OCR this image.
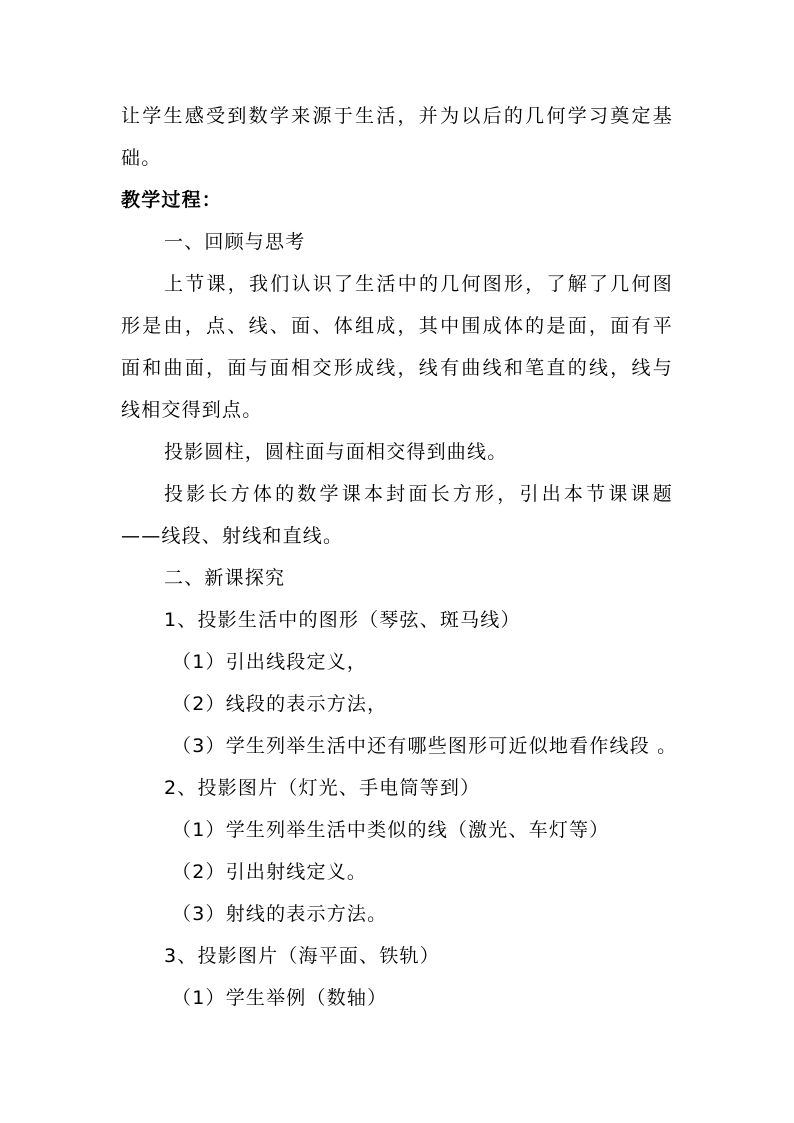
让学生感受到数学来源于生活，并为以后的几何学习奠定基
础。
教学过程：
一、回顾与思考
上节课，我们认识了生活中的几何图形，了解了几何图
形是由，点、线、面、体组成，其中围成体的是面，面有平
面和曲面，面与面相交形成线，线有曲线和笔直的线，线与
线相交得到点。
投影圆柱，圆柱面与面相交得到曲线。
投影长方体的数学课本封面长方形，引出本节课课题
——线段、射线和直线。
二、新课探究
1、投影生活中的图形（琴弦、斑马线）
（1）引出线段定义，
（2）线段的表示方法，
（3）学生列举生活中还有哪些图形可近似地看作线段 。
2、投影图片（灯光、手电筒等到）
（1）学生列举生活中类似的线（激光、车灯等）
（2）引出射线定义。
（3）射线的表示方法。
3、投影图片（海平面、铁轨）
（1）学生举例（数轴）
